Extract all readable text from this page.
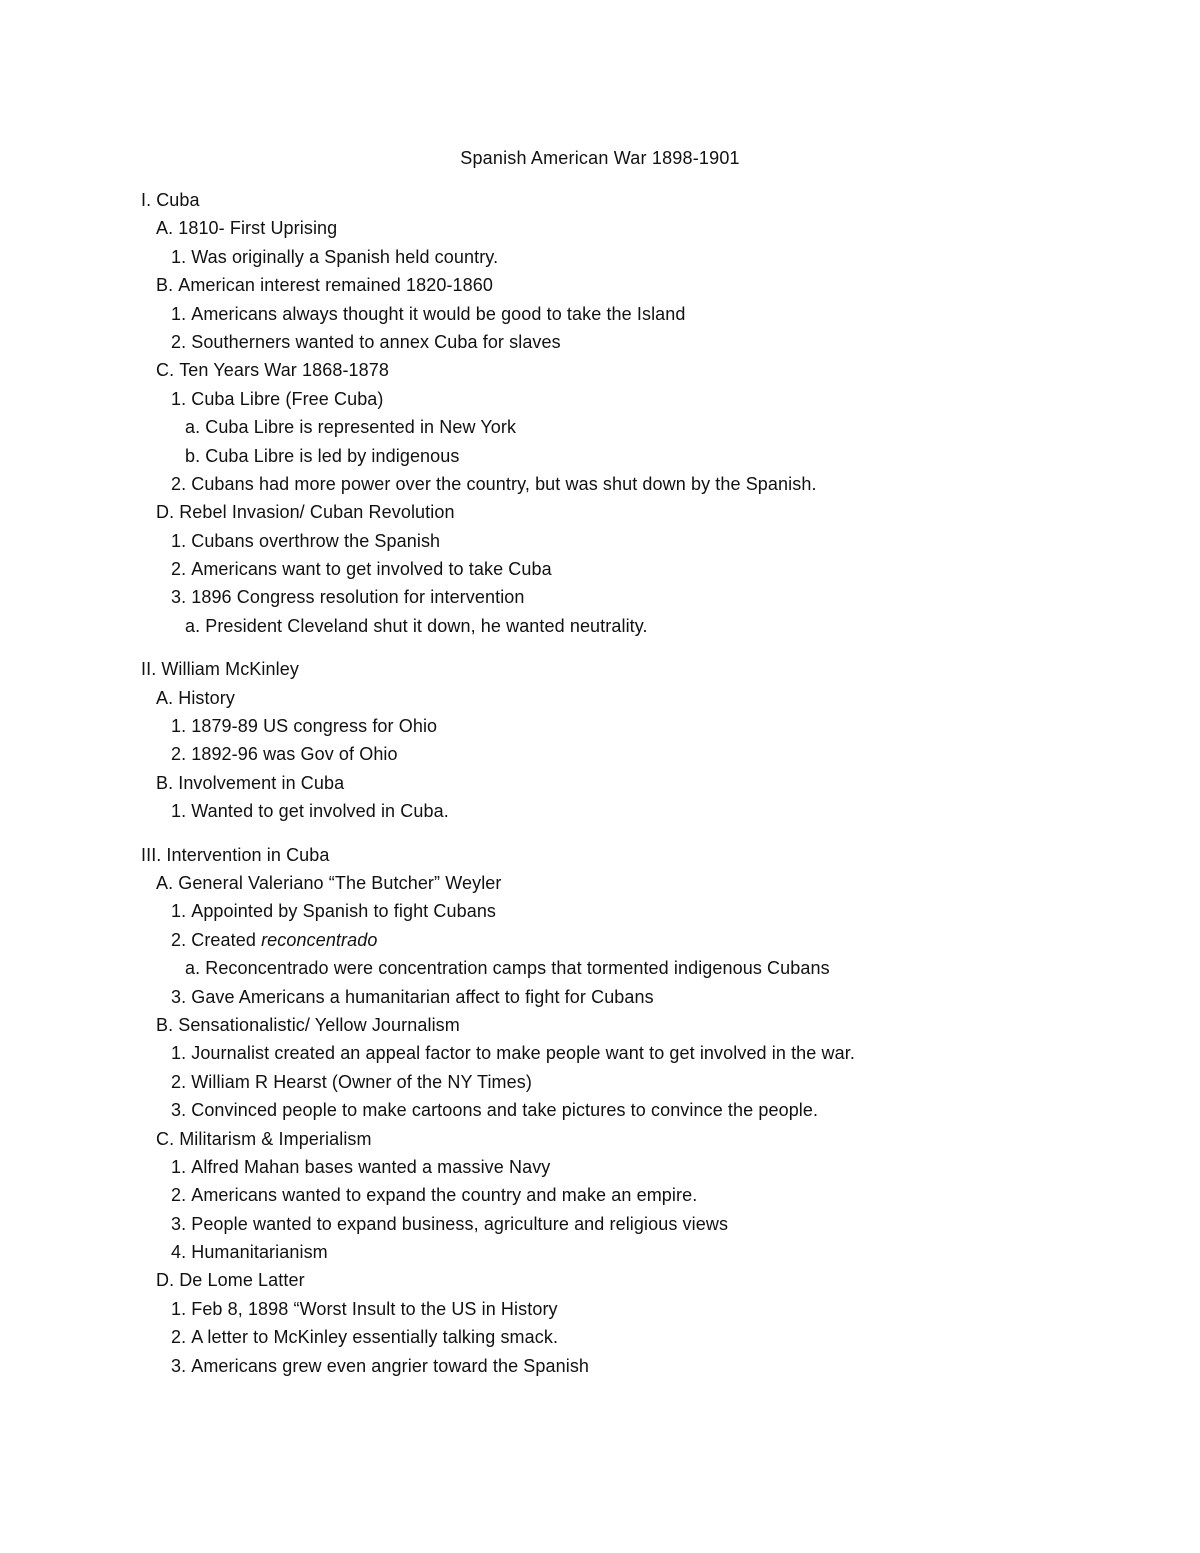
Spanish American War 1898-1901
I. Cuba
A. 1810- First Uprising
1. Was originally a Spanish held country.
B. American interest remained 1820-1860
1. Americans always thought it would be good to take the Island
2. Southerners wanted to annex Cuba for slaves
C. Ten Years War 1868-1878
1. Cuba Libre (Free Cuba)
a. Cuba Libre is represented in New York
b. Cuba Libre is led by indigenous
2. Cubans had more power over the country, but was shut down by the Spanish.
D. Rebel Invasion/ Cuban Revolution
1. Cubans overthrow the Spanish
2. Americans want to get involved to take Cuba
3. 1896 Congress resolution for intervention
a. President Cleveland shut it down, he wanted neutrality.
II. William McKinley
A. History
1. 1879-89 US congress for Ohio
2. 1892-96 was Gov of Ohio
B. Involvement in Cuba
1. Wanted to get involved in Cuba.
III. Intervention in Cuba
A. General Valeriano “The Butcher” Weyler
1. Appointed by Spanish to fight Cubans
2. Created reconcentrado
a. Reconcentrado were concentration camps that tormented indigenous Cubans
3. Gave Americans a humanitarian affect to fight for Cubans
B. Sensationalistic/ Yellow Journalism
1. Journalist created an appeal factor to make people want to get involved in the war.
2. William R Hearst (Owner of the NY Times)
3. Convinced people to make cartoons and take pictures to convince the people.
C. Militarism & Imperialism
1. Alfred Mahan bases wanted a massive Navy
2. Americans wanted to expand the country and make an empire.
3. People wanted to expand business, agriculture and religious views
4. Humanitarianism
D. De Lome Latter
1. Feb 8, 1898 “Worst Insult to the US in History
2. A letter to McKinley essentially talking smack.
3. Americans grew even angrier toward the Spanish
